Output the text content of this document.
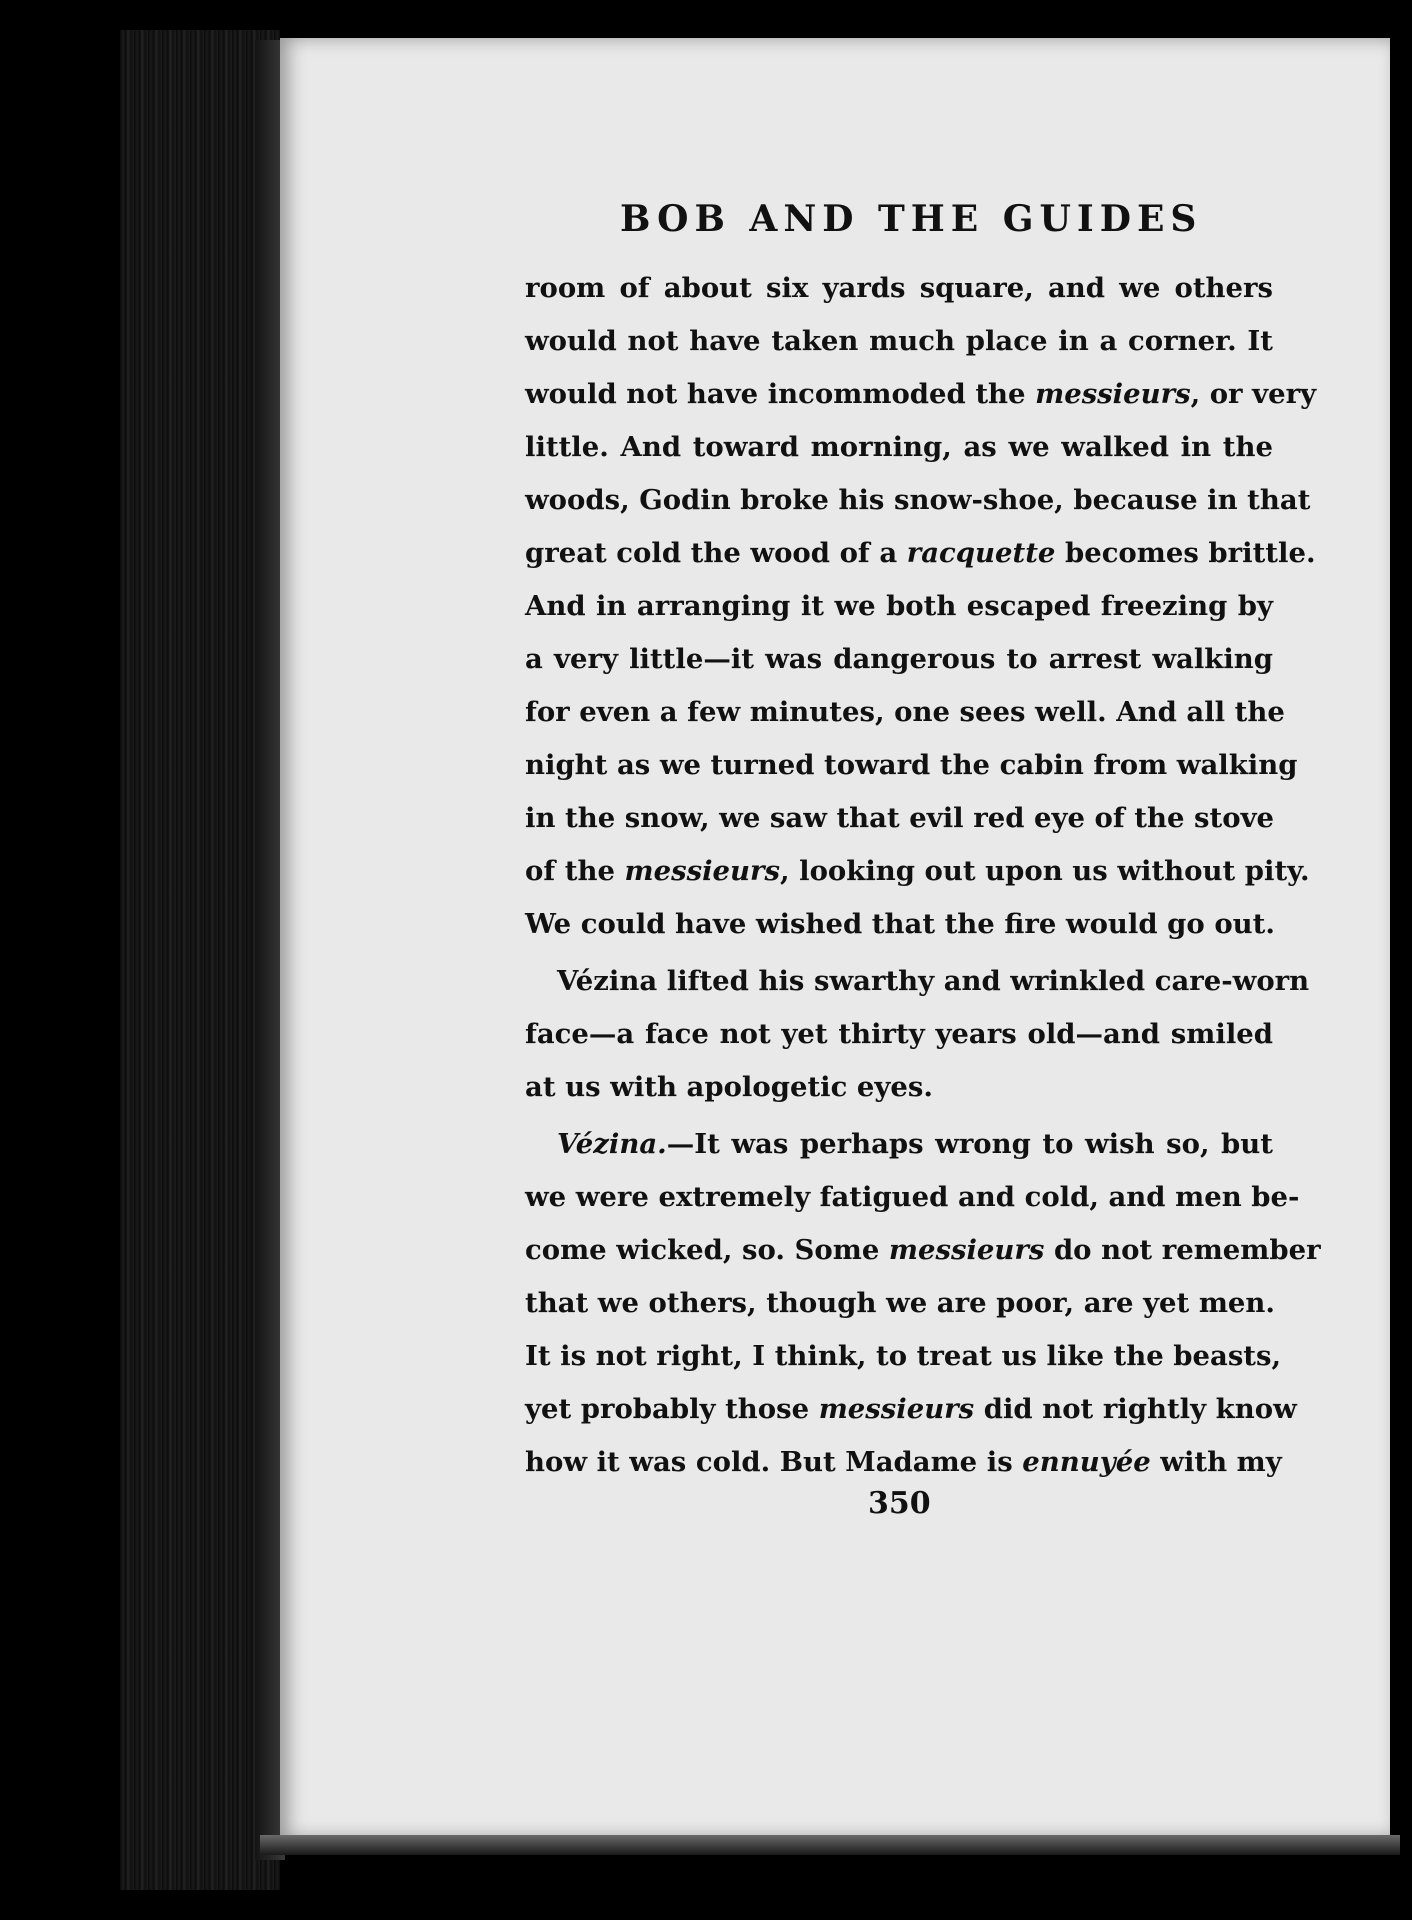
BOB AND THE GUIDES
room of about six yards square, and we others
would not have taken much place in a corner. It
would not have incommoded the messieurs, or very
little. And toward morning, as we walked in the
woods, Godin broke his snow-shoe, because in that
great cold the wood of a racquette becomes brittle.
And in arranging it we both escaped freezing by
a very little—it was dangerous to arrest walking
for even a few minutes, one sees well. And all the
night as we turned toward the cabin from walking
in the snow, we saw that evil red eye of the stove
of the messieurs, looking out upon us without pity.
We could have wished that the fire would go out.
Vézina lifted his swarthy and wrinkled care-worn
face—a face not yet thirty years old—and smiled
at us with apologetic eyes.
Vézina.—It was perhaps wrong to wish so, but
we were extremely fatigued and cold, and men be-
come wicked, so. Some messieurs do not remember
that we others, though we are poor, are yet men.
It is not right, I think, to treat us like the beasts,
yet probably those messieurs did not rightly know
how it was cold. But Madame is ennuyée with my
350
